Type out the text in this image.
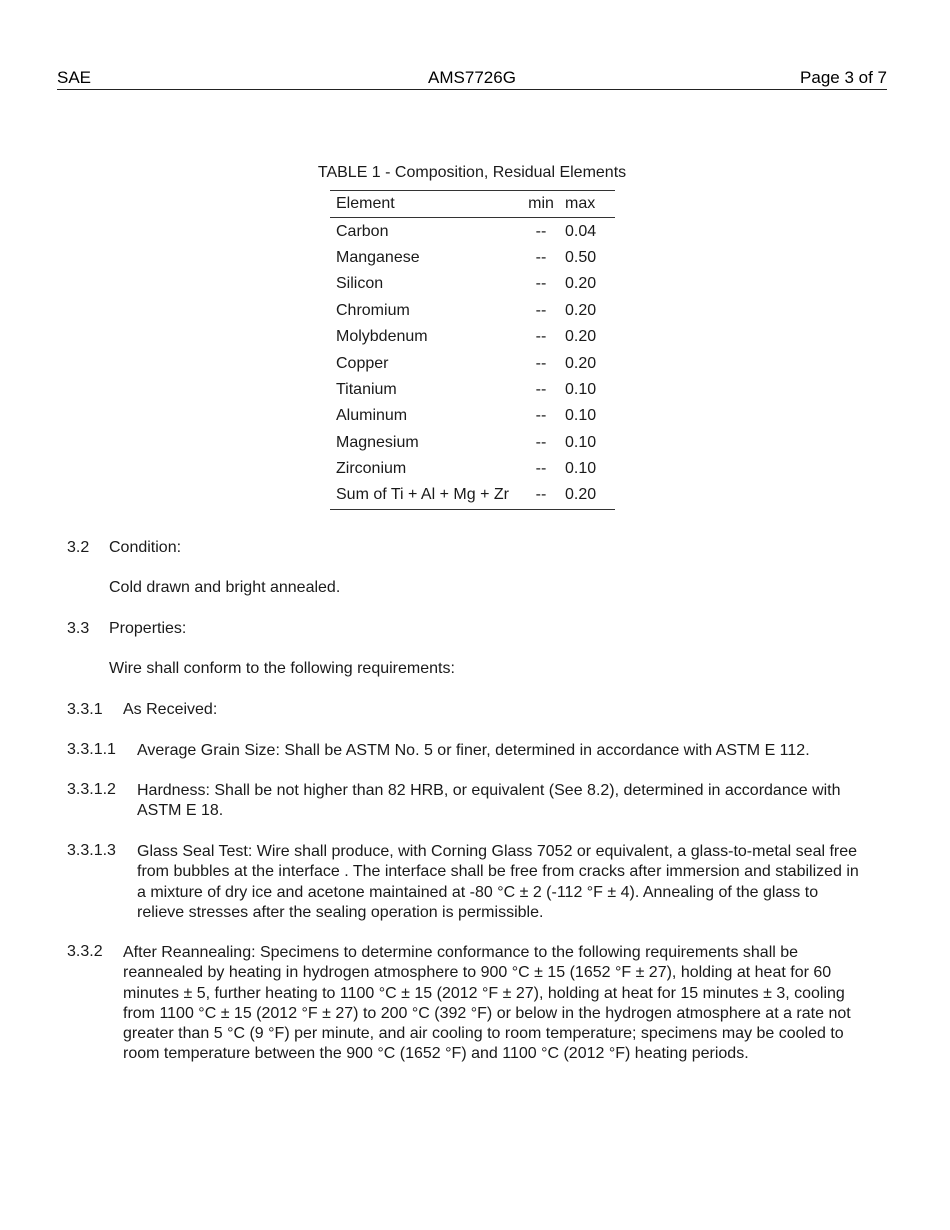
SAE	AMS7726G	Page 3 of 7
TABLE 1 - Composition, Residual Elements
Element	min	max
Carbon	--	0.04
Manganese	--	0.50
Silicon	--	0.20
Chromium	--	0.20
Molybdenum	--	0.20
Copper	--	0.20
Titanium	--	0.10
Aluminum	--	0.10
Magnesium	--	0.10
Zirconium	--	0.10
Sum of Ti + Al + Mg + Zr	--	0.20
3.2 Condition:
Cold drawn and bright annealed.
3.3 Properties:
Wire shall conform to the following requirements:
3.3.1 As Received:
3.3.1.1 Average Grain Size: Shall be ASTM No. 5 or finer, determined in accordance with ASTM E 112.
3.3.1.2 Hardness: Shall be not higher than 82 HRB, or equivalent (See 8.2), determined in accordance with ASTM E 18.
3.3.1.3 Glass Seal Test: Wire shall produce, with Corning Glass 7052 or equivalent, a glass-to-metal seal free from bubbles at the interface . The interface shall be free from cracks after immersion and stabilized in a mixture of dry ice and acetone maintained at -80 °C ± 2 (-112 °F ± 4). Annealing of the glass to relieve stresses after the sealing operation is permissible.
3.3.2 After Reannealing: Specimens to determine conformance to the following requirements shall be reannealed by heating in hydrogen atmosphere to 900 °C ± 15 (1652 °F ± 27), holding at heat for 60 minutes ± 5, further heating to 1100 °C ± 15 (2012 °F ± 27), holding at heat for 15 minutes ± 3, cooling from 1100 °C ± 15 (2012 °F ± 27) to 200 °C (392 °F) or below in the hydrogen atmosphere at a rate not greater than 5 °C (9 °F) per minute, and air cooling to room temperature; specimens may be cooled to room temperature between the 900 °C (1652 °F) and 1100 °C (2012 °F) heating periods.
